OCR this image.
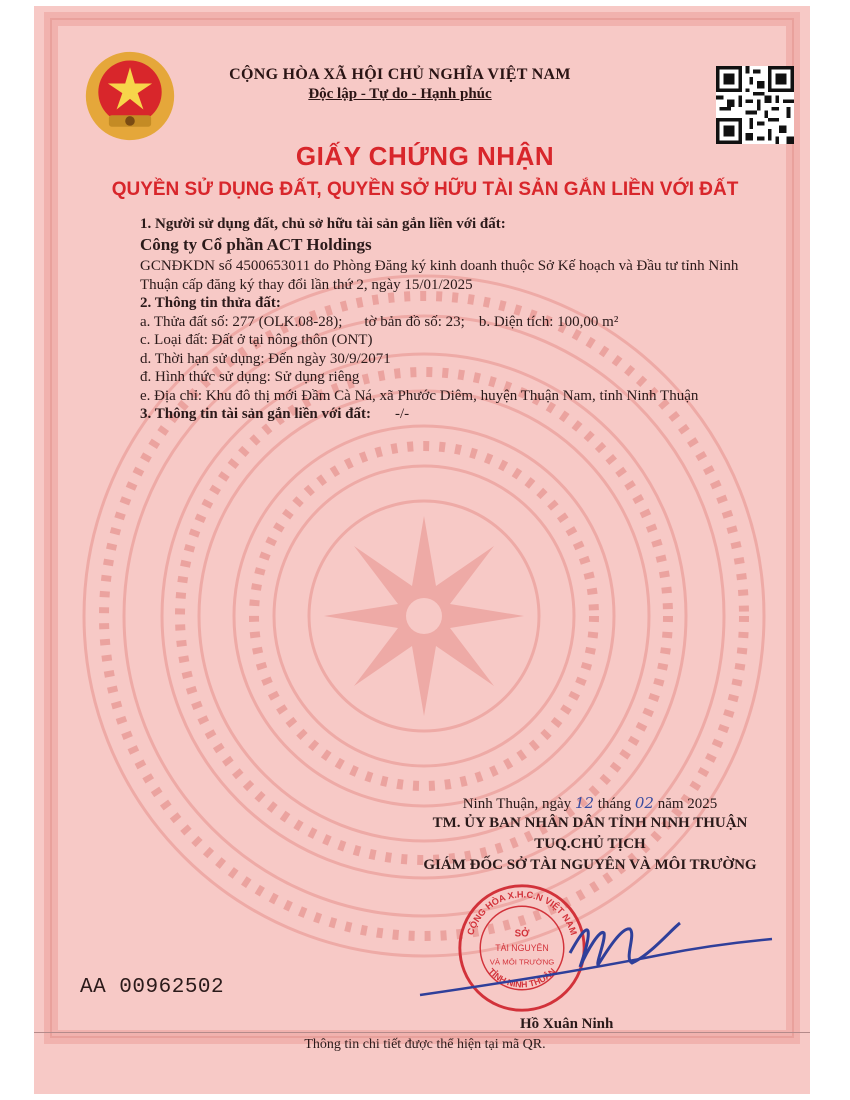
CỘNG HÒA XÃ HỘI CHỦ NGHĨA VIỆT NAM
Độc lập - Tự do - Hạnh phúc
GIẤY CHỨNG NHẬN
QUYỀN SỬ DỤNG ĐẤT, QUYỀN SỞ HỮU TÀI SẢN GẮN LIỀN VỚI ĐẤT
1. Người sử dụng đất, chủ sở hữu tài sản gắn liền với đất:
Công ty Cổ phần ACT Holdings
GCNĐKDN số 4500653011 do Phòng Đăng ký kinh doanh thuộc Sở Kế hoạch và Đầu tư tỉnh Ninh Thuận cấp đăng ký thay đổi lần thứ 2, ngày 15/01/2025
2. Thông tin thửa đất:
a. Thửa đất số: 277 (OLK.08-28); tờ bản đồ số: 23; b. Diện tích: 100,00 m²
c. Loại đất: Đất ở tại nông thôn (ONT)
d. Thời hạn sử dụng: Đến ngày 30/9/2071
đ. Hình thức sử dụng: Sử dụng riêng
e. Địa chỉ: Khu đô thị mới Đầm Cà Ná, xã Phước Diêm, huyện Thuận Nam, tỉnh Ninh Thuận
3. Thông tin tài sản gắn liền với đất: -/-
Ninh Thuận, ngày 12 tháng 02 năm 2025
TM. ỦY BAN NHÂN DÂN TỈNH NINH THUẬN
TUQ.CHỦ TỊCH
GIÁM ĐỐC SỞ TÀI NGUYÊN VÀ MÔI TRƯỜNG
CỘNG HÒA X.H.C.N VIỆT NAM
TỈNH NINH THUẬN
SỞ
TÀI NGUYÊN
VÀ MÔI TRƯỜNG
AA 00962502
Hồ Xuân Ninh
Thông tin chi tiết được thể hiện tại mã QR.
